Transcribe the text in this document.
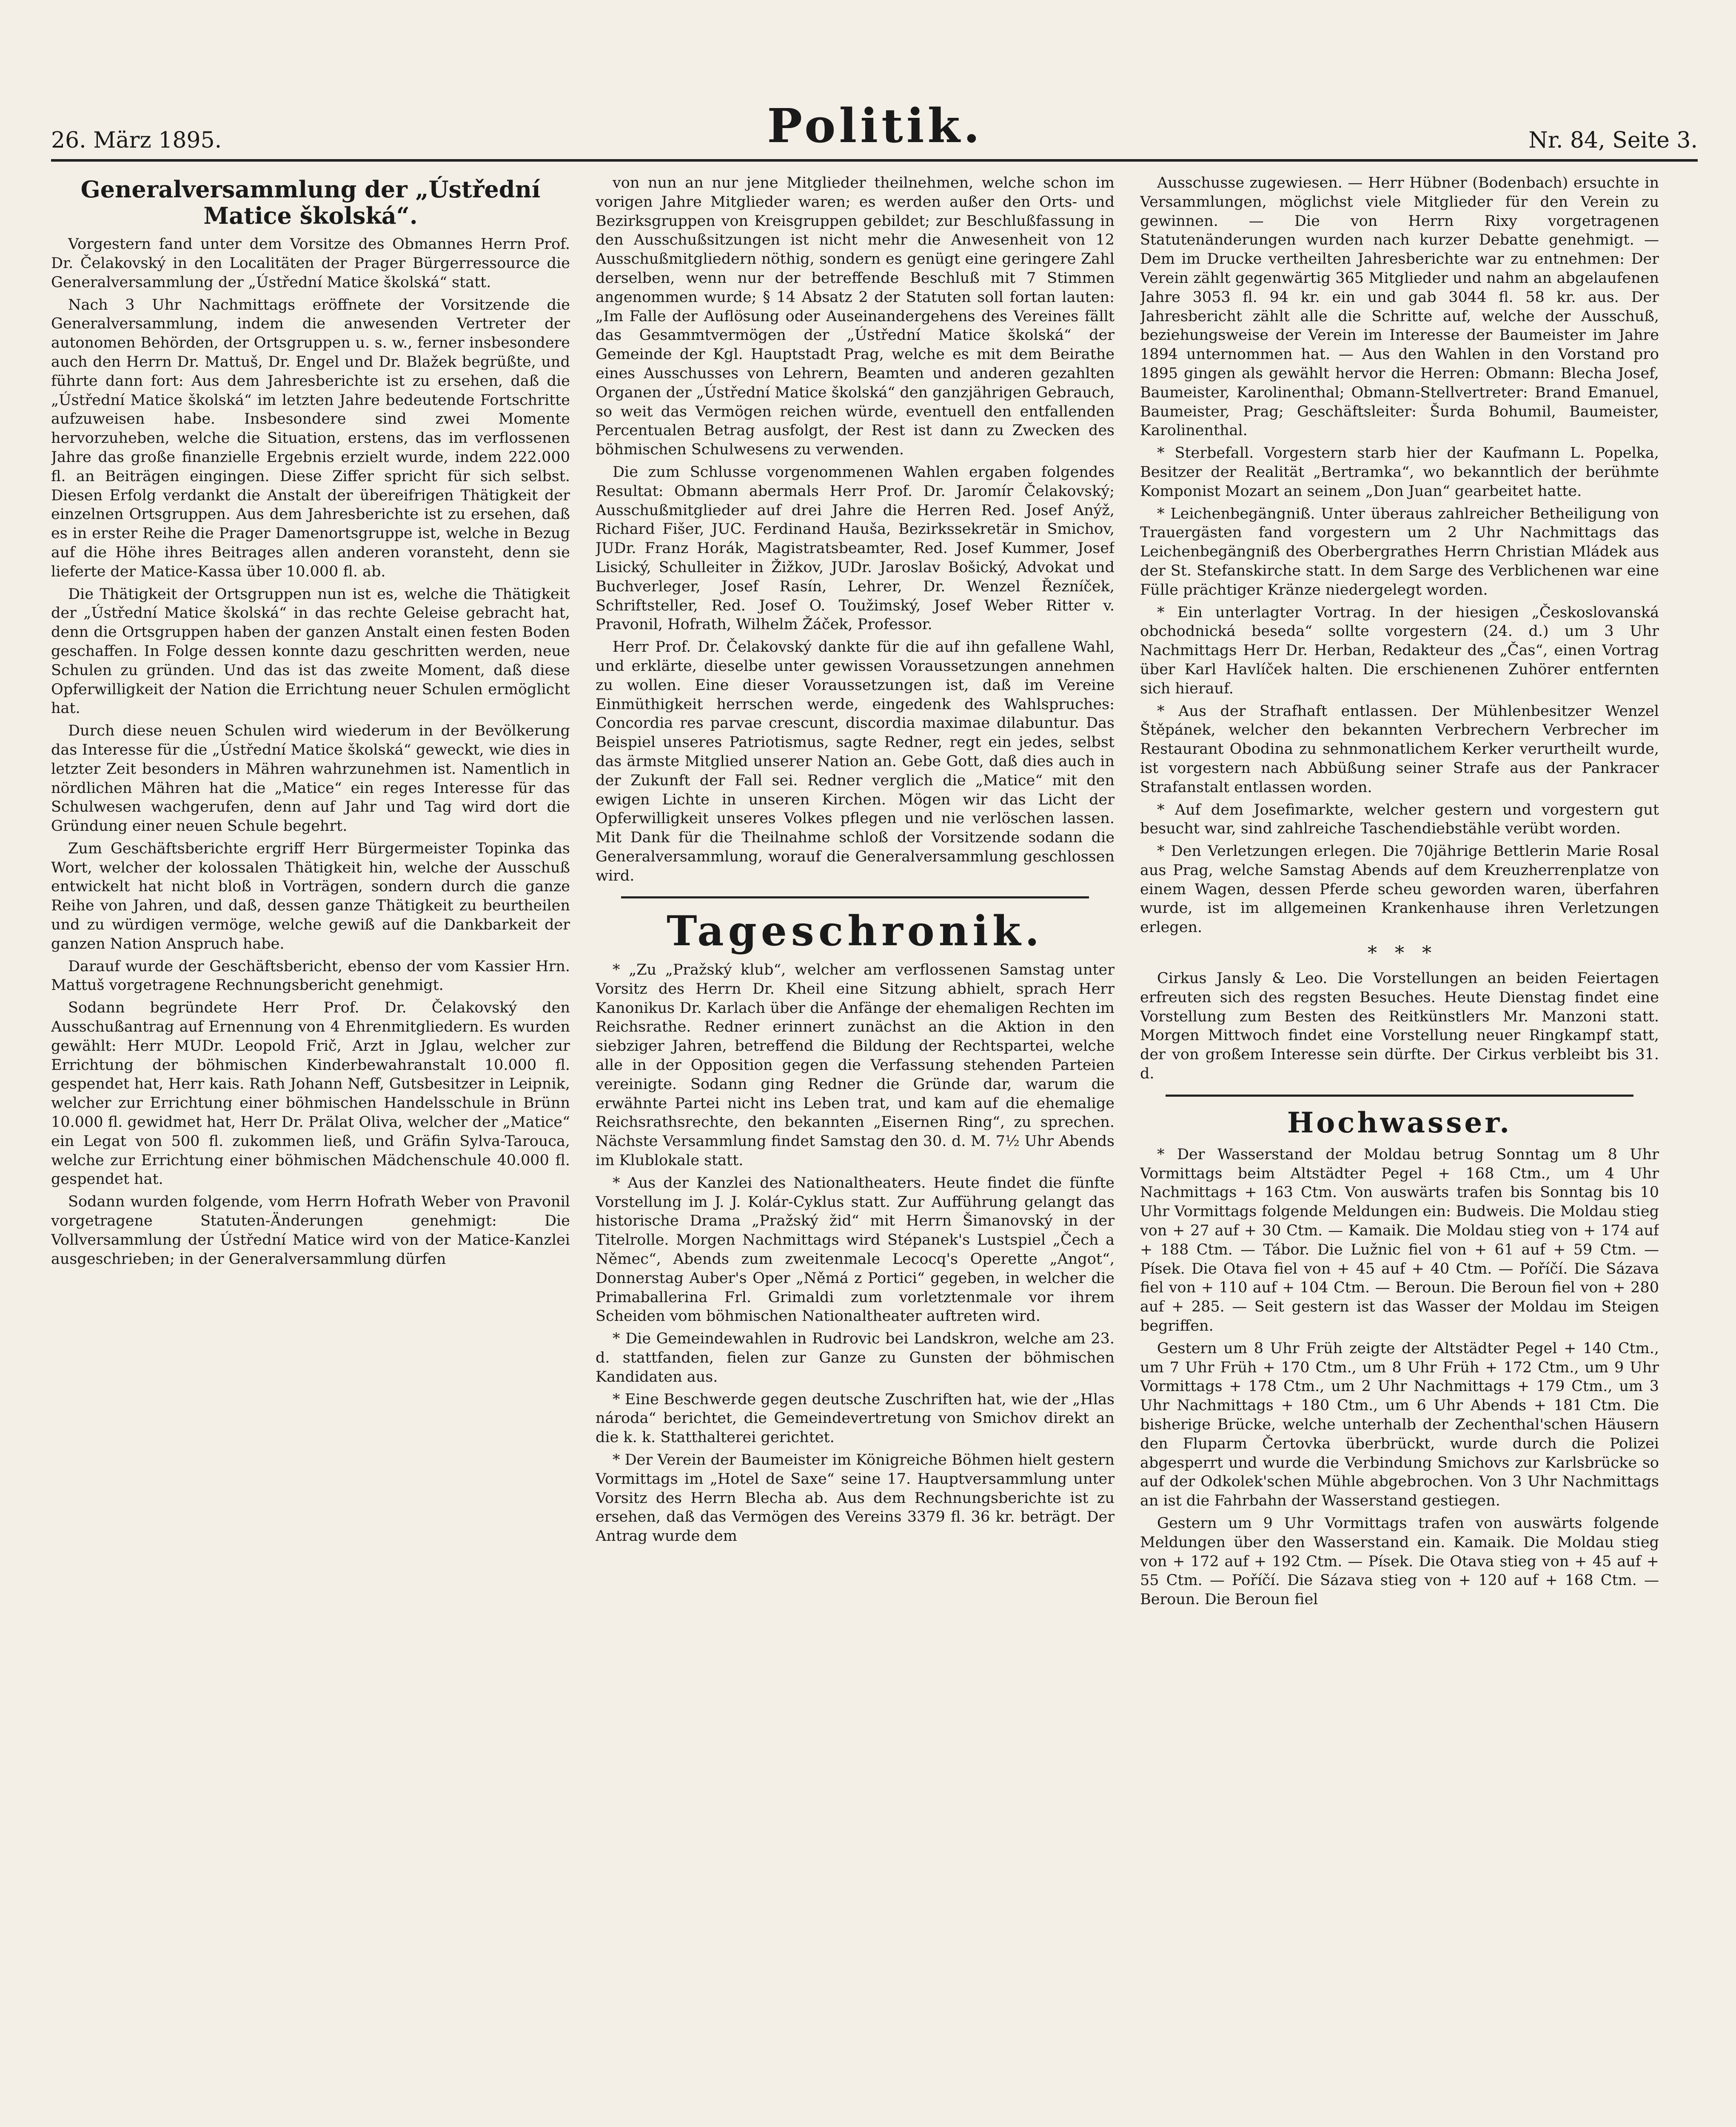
26. März 1895.	Politik.	Nr. 84, Seite 3.
Generalversammlung der „Ústřední Matice školská“.

Vorgestern fand unter dem Vorsitze des Obmannes Herrn Prof. Dr. Čelakovský in den Localitäten der Prager Bürgerressource die Generalversammlung der „Ústřední Matice školská“ statt.

Nach 3 Uhr Nachmittags eröffnete der Vorsitzende die Generalversammlung, indem die anwesenden Vertreter der autonomen Behörden, der Ortsgruppen u. s. w., ferner insbesondere auch den Herrn Dr. Mattuš, Dr. Engel und Dr. Blažek begrüßte, und führte dann fort: Aus dem Jahresberichte ist zu ersehen, daß die „Ústřední Matice školská“ im letzten Jahre bedeutende Fortschritte aufzuweisen habe. Insbesondere sind zwei Momente hervorzuheben, welche die Situation, erstens, das im verflossenen Jahre das große finanzielle Ergebnis erzielt wurde, indem 222.000 fl. an Beiträgen eingingen. Diese Ziffer spricht für sich selbst. Diesen Erfolg verdankt die Anstalt der übereifrigen Thätigkeit der einzelnen Ortsgruppen. Aus dem Jahresberichte ist zu ersehen, daß es in erster Reihe die Prager Damenortsgruppe ist, welche in Bezug auf die Höhe ihres Beitrages allen anderen voransteht, denn sie lieferte der Matice-Kassa über 10.000 fl. ab.

Die Thätigkeit der Ortsgruppen nun ist es, welche die Thätigkeit der „Ústřední Matice školská“ in das rechte Geleise gebracht hat, denn die Ortsgruppen haben der ganzen Anstalt einen festen Boden geschaffen. In Folge dessen konnte dazu geschritten werden, neue Schulen zu gründen. Und das ist das zweite Moment, daß diese Opferwilligkeit der Nation die Errichtung neuer Schulen ermöglicht hat.

Durch diese neuen Schulen wird wiederum in der Bevölkerung das Interesse für die „Ústřední Matice školská“ geweckt, wie dies in letzter Zeit besonders in Mähren wahrzunehmen ist. Namentlich in nördlichen Mähren hat die „Matice“ ein reges Interesse für das Schulwesen wachgerufen, denn auf Jahr und Tag wird dort die Gründung einer neuen Schule begehrt.

Zum Geschäftsberichte ergriff Herr Bürgermeister Topinka das Wort, welcher der kolossalen Thätigkeit hin, welche der Ausschuß entwickelt hat nicht bloß in Vorträgen, sondern durch die ganze Reihe von Jahren, und daß, dessen ganze Thätigkeit zu beurtheilen und zu würdigen vermöge, welche gewiß auf die Dankbarkeit der ganzen Nation Anspruch habe.

Darauf wurde der Geschäftsbericht, ebenso der vom Kassier Hrn. Mattuš vorgetragene Rechnungsbericht genehmigt.

Sodann begründete Herr Prof. Dr. Čelakovský den Ausschußantrag auf Ernennung von 4 Ehrenmitgliedern. Es wurden gewählt: Herr MUDr. Leopold Frič, Arzt in Jglau, welcher zur Errichtung der böhmischen Kinderbewahranstalt 10.000 fl. gespendet hat, Herr kais. Rath Johann Neff, Gutsbesitzer in Leipnik, welcher zur Errichtung einer böhmischen Handelsschule in Brünn 10.000 fl. gewidmet hat, Herr Dr. Prälat Oliva, welcher der „Matice“ ein Legat von 500 fl. zukommen ließ, und Gräfin Sylva-Tarouca, welche zur Errichtung einer böhmischen Mädchenschule 40.000 fl. gespendet hat.

Sodann wurden folgende, vom Herrn Hofrath Weber von Pravonil vorgetragene Statuten-Änderungen genehmigt: Die Vollversammlung der Ústřední Matice wird von der Matice-Kanzlei ausgeschrieben; in der Generalversammlung dürfen

von nun an nur jene Mitglieder theilnehmen, welche schon im vorigen Jahre Mitglieder waren; es werden außer den Orts- und Bezirksgruppen von Kreisgruppen gebildet; zur Beschlußfassung in den Ausschußsitzungen ist nicht mehr die Anwesenheit von 12 Ausschußmitgliedern nöthig, sondern es genügt eine geringere Zahl derselben, wenn nur der betreffende Beschluß mit 7 Stimmen angenommen wurde; § 14 Absatz 2 der Statuten soll fortan lauten: „Im Falle der Auflösung oder Auseinandergehens des Vereines fällt das Gesammtvermögen der „Ústřední Matice školská“ der Gemeinde der Kgl. Hauptstadt Prag, welche es mit dem Beirathe eines Ausschusses von Lehrern, Beamten und anderen gezahlten Organen der „Ústřední Matice školská“ den ganzjährigen Gebrauch, so weit das Vermögen reichen würde, eventuell den entfallenden Percentualen Betrag ausfolgt, der Rest ist dann zu Zwecken des böhmischen Schulwesens zu verwenden.

Die zum Schlusse vorgenommenen Wahlen ergaben folgendes Resultat: Obmann abermals Herr Prof. Dr. Jaromír Čelakovský; Ausschußmitglieder auf drei Jahre die Herren Red. Josef Anýž, Richard Fišer, JUC. Ferdinand Hauša, Bezirkssekretär in Smichov, JUDr. Franz Horák, Magistratsbeamter, Red. Josef Kummer, Josef Lisický, Schulleiter in Žižkov, JUDr. Jaroslav Bošický, Advokat und Buchverleger, Josef Rasín, Lehrer, Dr. Wenzel Řezníček, Schriftsteller, Red. Josef O. Toužimský, Josef Weber Ritter v. Pravonil, Hofrath, Wilhelm Žáček, Professor.

Herr Prof. Dr. Čelakovský dankte für die auf ihn gefallene Wahl, und erklärte, dieselbe unter gewissen Voraussetzungen annehmen zu wollen. Eine dieser Voraussetzungen ist, daß im Vereine Einmüthigkeit herrschen werde, eingedenk des Wahlspruches: Concordia res parvae crescunt, discordia maximae dilabuntur. Das Beispiel unseres Patriotismus, sagte Redner, regt ein jedes, selbst das ärmste Mitglied unserer Nation an. Gebe Gott, daß dies auch in der Zukunft der Fall sei. Redner verglich die „Matice“ mit den ewigen Lichte in unseren Kirchen. Mögen wir das Licht der Opferwilligkeit unseres Volkes pflegen und nie verlöschen lassen. Mit Dank für die Theilnahme schloß der Vorsitzende sodann die Generalversammlung, worauf die Generalversammlung geschlossen wird.

Tageschronik.

* „Zu „Pražský klub“, welcher am verflossenen Samstag unter Vorsitz des Herrn Dr. Kheil eine Sitzung abhielt, sprach Herr Kanonikus Dr. Karlach über die Anfänge der ehemaligen Rechten im Reichsrathe. Redner erinnert zunächst an die Aktion in den siebziger Jahren, betreffend die Bildung der Rechtspartei, welche alle in der Opposition gegen die Verfassung stehenden Parteien vereinigte. Sodann ging Redner die Gründe dar, warum die erwähnte Partei nicht ins Leben trat, und kam auf die ehemalige Reichsrathsrechte, den bekannten „Eisernen Ring“, zu sprechen. Nächste Versammlung findet Samstag den 30. d. M. 7½ Uhr Abends im Klublokale statt.

* Aus der Kanzlei des Nationaltheaters. Heute findet die fünfte Vorstellung im J. J. Kolár-Cyklus statt. Zur Aufführung gelangt das historische Drama „Pražský žid“ mit Herrn Šimanovský in der Titelrolle. Morgen Nachmittags wird Stépanek's Lustspiel „Čech a Němec“, Abends zum zweitenmale Lecocq's Operette „Angot“, Donnerstag Auber's Oper „Němá z Portici“ gegeben, in welcher die Primaballerina Frl. Grimaldi zum vorletztenmale vor ihrem Scheiden vom böhmischen Nationaltheater auftreten wird.

* Die Gemeindewahlen in Rudrovic bei Landskron, welche am 23. d. stattfanden, fielen zur Ganze zu Gunsten der böhmischen Kandidaten aus.

* Eine Beschwerde gegen deutsche Zuschriften hat, wie der „Hlas národa“ berichtet, die Gemeindevertretung von Smichov direkt an die k. k. Statthalterei gerichtet.

* Der Verein der Baumeister im Königreiche Böhmen hielt gestern Vormittags im „Hotel de Saxe“ seine 17. Hauptversammlung unter Vorsitz des Herrn Blecha ab. Aus dem Rechnungsberichte ist zu ersehen, daß das Vermögen des Vereins 3379 fl. 36 kr. beträgt. Der Antrag wurde dem

Ausschusse zugewiesen. — Herr Hübner (Bodenbach) ersuchte in Versammlungen, möglichst viele Mitglieder für den Verein zu gewinnen. — Die von Herrn Rixy vorgetragenen Statutenänderungen wurden nach kurzer Debatte genehmigt. — Dem im Drucke vertheilten Jahresberichte war zu entnehmen: Der Verein zählt gegenwärtig 365 Mitglieder und nahm an abgelaufenen Jahre 3053 fl. 94 kr. ein und gab 3044 fl. 58 kr. aus. Der Jahresbericht zählt alle die Schritte auf, welche der Ausschuß, beziehungsweise der Verein im Interesse der Baumeister im Jahre 1894 unternommen hat. — Aus den Wahlen in den Vorstand pro 1895 gingen als gewählt hervor die Herren: Obmann: Blecha Josef, Baumeister, Karolinenthal; Obmann-Stellvertreter: Brand Emanuel, Baumeister, Prag; Geschäftsleiter: Šurda Bohumil, Baumeister, Karolinenthal.

* Sterbefall. Vorgestern starb hier der Kaufmann L. Popelka, Besitzer der Realität „Bertramka“, wo bekanntlich der berühmte Komponist Mozart an seinem „Don Juan“ gearbeitet hatte.

* Leichenbegängniß. Unter überaus zahlreicher Betheiligung von Trauergästen fand vorgestern um 2 Uhr Nachmittags das Leichenbegängniß des Oberbergrathes Herrn Christian Mládek aus der St. Stefanskirche statt. In dem Sarge des Verblichenen war eine Fülle prächtiger Kränze niedergelegt worden.

* Ein unterlagter Vortrag. In der hiesigen „Českoslovanská obchodnická beseda“ sollte vorgestern (24. d.) um 3 Uhr Nachmittags Herr Dr. Herban, Redakteur des „Čas“, einen Vortrag über Karl Havlíček halten. Die erschienenen Zuhörer entfernten sich hierauf.

* Aus der Strafhaft entlassen. Der Mühlenbesitzer Wenzel Štěpánek, welcher den bekannten Verbrechern Verbrecher im Restaurant Obodina zu sehnmonatlichem Kerker verurtheilt wurde, ist vorgestern nach Abbüßung seiner Strafe aus der Pankracer Strafanstalt entlassen worden.

* Auf dem Josefimarkte, welcher gestern und vorgestern gut besucht war, sind zahlreiche Taschendiebstähle verübt worden.

* Den Verletzungen erlegen. Die 70jährige Bettlerin Marie Rosal aus Prag, welche Samstag Abends auf dem Kreuzherrenplatze von einem Wagen, dessen Pferde scheu geworden waren, überfahren wurde, ist im allgemeinen Krankenhause ihren Verletzungen erlegen.

*   *   *

Cirkus Jansly & Leo. Die Vorstellungen an beiden Feiertagen erfreuten sich des regsten Besuches. Heute Dienstag findet eine Vorstellung zum Besten des Reitkünstlers Mr. Manzoni statt. Morgen Mittwoch findet eine Vorstellung neuer Ringkampf statt, der von großem Interesse sein dürfte. Der Cirkus verbleibt bis 31. d.

Hochwasser.

* Der Wasserstand der Moldau betrug Sonntag um 8 Uhr Vormittags beim Altstädter Pegel + 168 Ctm., um 4 Uhr Nachmittags + 163 Ctm. Von auswärts trafen bis Sonntag bis 10 Uhr Vormittags folgende Meldungen ein: Budweis. Die Moldau stieg von + 27 auf + 30 Ctm. — Kamaik. Die Moldau stieg von + 174 auf + 188 Ctm. — Tábor. Die Lužnic fiel von + 61 auf + 59 Ctm. — Písek. Die Otava fiel von + 45 auf + 40 Ctm. — Poříčí. Die Sázava fiel von + 110 auf + 104 Ctm. — Beroun. Die Beroun fiel von + 280 auf + 285. — Seit gestern ist das Wasser der Moldau im Steigen begriffen.

Gestern um 8 Uhr Früh zeigte der Altstädter Pegel + 140 Ctm., um 7 Uhr Früh + 170 Ctm., um 8 Uhr Früh + 172 Ctm., um 9 Uhr Vormittags + 178 Ctm., um 2 Uhr Nachmittags + 179 Ctm., um 3 Uhr Nachmittags + 180 Ctm., um 6 Uhr Abends + 181 Ctm. Die bisherige Brücke, welche unterhalb der Zechenthal'schen Häusern den Fluparm Čertovka überbrückt, wurde durch die Polizei abgesperrt und wurde die Verbindung Smichovs zur Karlsbrücke so auf der Odkolek'schen Mühle abgebrochen. Von 3 Uhr Nachmittags an ist die Fahrbahn der Wasserstand gestiegen.

Gestern um 9 Uhr Vormittags trafen von auswärts folgende Meldungen über den Wasserstand ein. Kamaik. Die Moldau stieg von + 172 auf + 192 Ctm. — Písek. Die Otava stieg von + 45 auf + 55 Ctm. — Poříčí. Die Sázava stieg von + 120 auf + 168 Ctm. — Beroun. Die Beroun fiel
